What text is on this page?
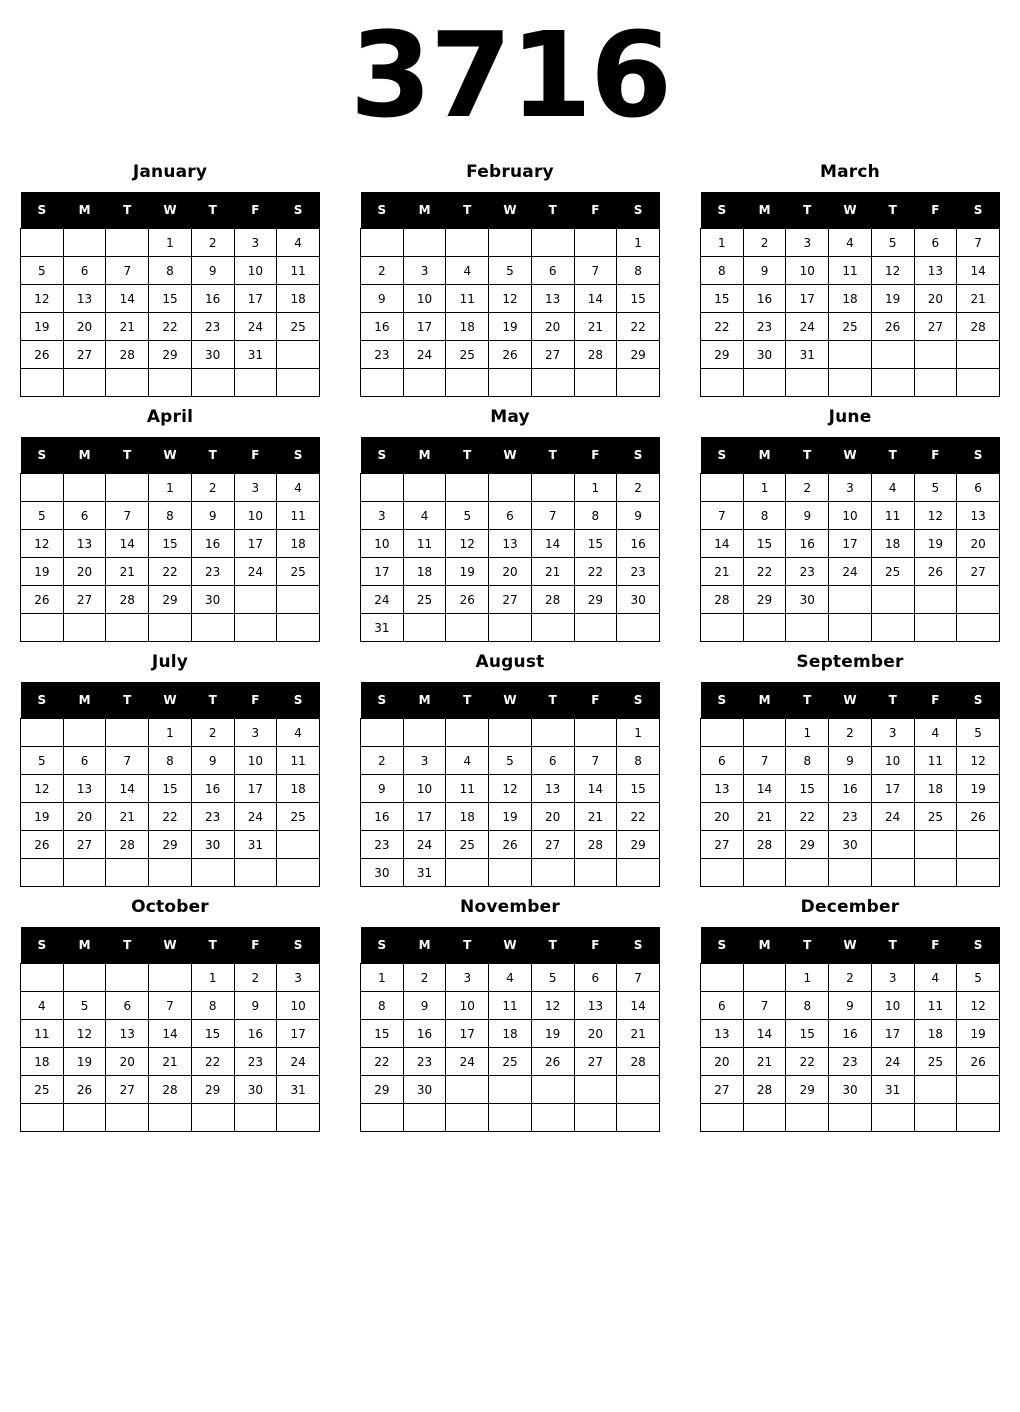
3716
January
S	M	T	W	T	F	S
			1	2	3	4
5	6	7	8	9	10	11
12	13	14	15	16	17	18
19	20	21	22	23	24	25
26	27	28	29	30	31	

February
S	M	T	W	T	F	S
						1
2	3	4	5	6	7	8
9	10	11	12	13	14	15
16	17	18	19	20	21	22
23	24	25	26	27	28	29

March
S	M	T	W	T	F	S
1	2	3	4	5	6	7
8	9	10	11	12	13	14
15	16	17	18	19	20	21
22	23	24	25	26	27	28
29	30	31				

April
S	M	T	W	T	F	S
			1	2	3	4
5	6	7	8	9	10	11
12	13	14	15	16	17	18
19	20	21	22	23	24	25
26	27	28	29	30		

May
S	M	T	W	T	F	S
					1	2
3	4	5	6	7	8	9
10	11	12	13	14	15	16
17	18	19	20	21	22	23
24	25	26	27	28	29	30
31						
June
S	M	T	W	T	F	S
	1	2	3	4	5	6
7	8	9	10	11	12	13
14	15	16	17	18	19	20
21	22	23	24	25	26	27
28	29	30				

July
S	M	T	W	T	F	S
			1	2	3	4
5	6	7	8	9	10	11
12	13	14	15	16	17	18
19	20	21	22	23	24	25
26	27	28	29	30	31	

August
S	M	T	W	T	F	S
						1
2	3	4	5	6	7	8
9	10	11	12	13	14	15
16	17	18	19	20	21	22
23	24	25	26	27	28	29
30	31					
September
S	M	T	W	T	F	S
		1	2	3	4	5
6	7	8	9	10	11	12
13	14	15	16	17	18	19
20	21	22	23	24	25	26
27	28	29	30			

October
S	M	T	W	T	F	S
				1	2	3
4	5	6	7	8	9	10
11	12	13	14	15	16	17
18	19	20	21	22	23	24
25	26	27	28	29	30	31

November
S	M	T	W	T	F	S
1	2	3	4	5	6	7
8	9	10	11	12	13	14
15	16	17	18	19	20	21
22	23	24	25	26	27	28
29	30					

December
S	M	T	W	T	F	S
		1	2	3	4	5
6	7	8	9	10	11	12
13	14	15	16	17	18	19
20	21	22	23	24	25	26
27	28	29	30	31		
